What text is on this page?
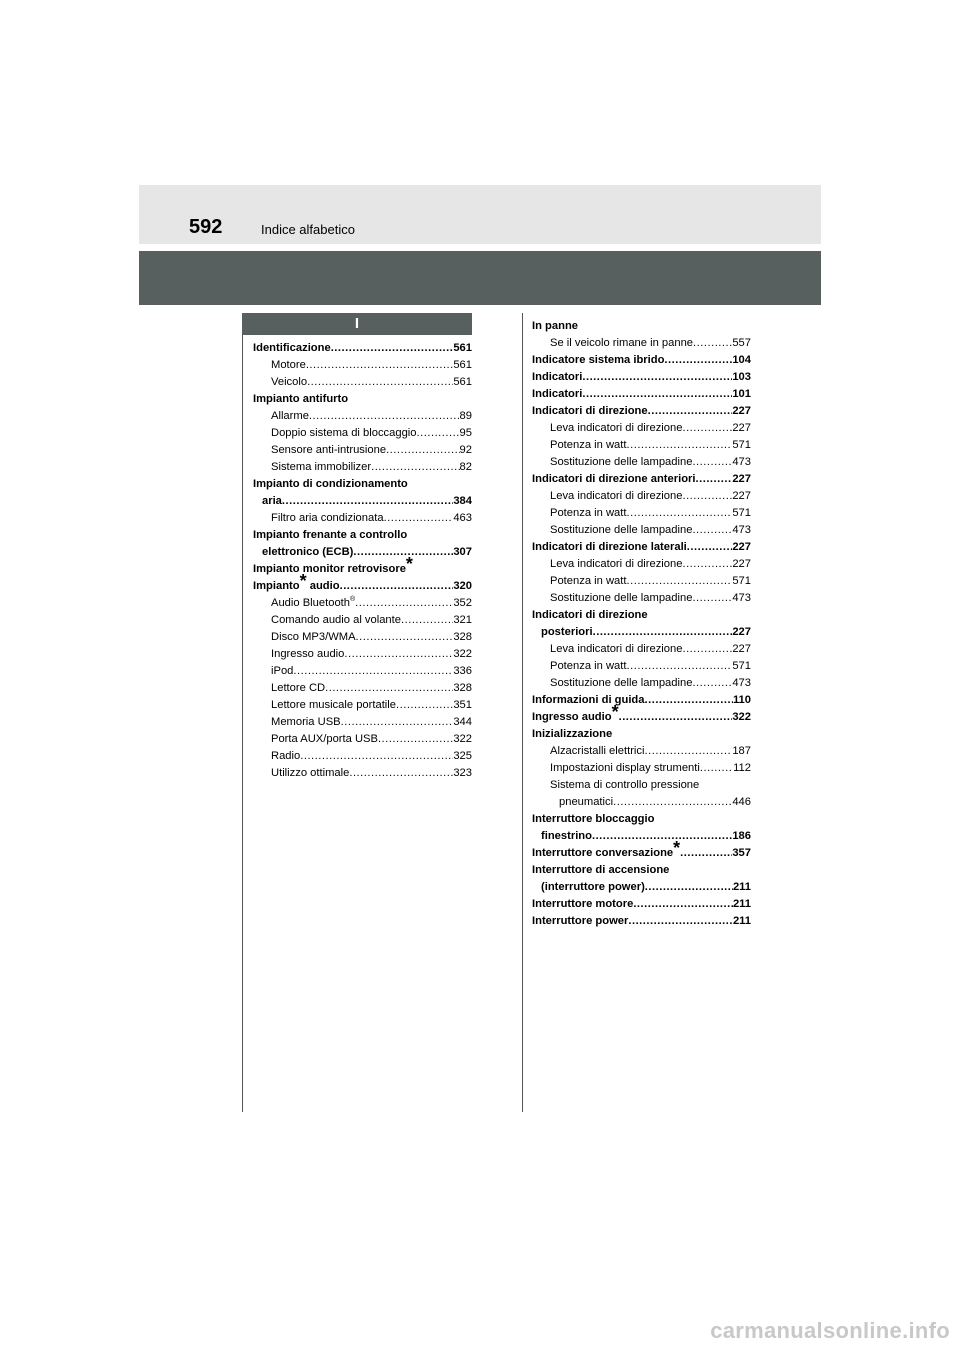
592	Indice alfabetico
I
Identificazione .....	561
Motore .....	561
Veicolo .....	561
Impianto antifurto
Allarme .....	89
Doppio sistema di bloccaggio .....	95
Sensore anti-intrusione .....	92
Sistema immobilizer .....	82
Impianto di condizionamento
aria .....	384
Filtro aria condizionata .....	463
Impianto frenante a controllo
elettronico (ECB) .....	307
Impianto monitor retrovisore*
Impianto* audio .....	320
Audio Bluetooth® .....	352
Comando audio al volante .....	321
Disco MP3/WMA .....	328
Ingresso audio .....	322
iPod .....	336
Lettore CD .....	328
Lettore musicale portatile .....	351
Memoria USB .....	344
Porta AUX/porta USB .....	322
Radio .....	325
Utilizzo ottimale .....	323
In panne
Se il veicolo rimane in panne .....	557
Indicatore sistema ibrido .....	104
Indicatori .....	103
Indicatori .....	101
Indicatori di direzione .....	227
Leva indicatori di direzione .....	227
Potenza in watt .....	571
Sostituzione delle lampadine .....	473
Indicatori di direzione anteriori .....	227
Leva indicatori di direzione .....	227
Potenza in watt .....	571
Sostituzione delle lampadine .....	473
Indicatori di direzione laterali .....	227
Leva indicatori di direzione .....	227
Potenza in watt .....	571
Sostituzione delle lampadine .....	473
Indicatori di direzione
posteriori .....	227
Leva indicatori di direzione .....	227
Potenza in watt .....	571
Sostituzione delle lampadine .....	473
Informazioni di guida .....	110
Ingresso audio* .....	322
Inizializzazione
Alzacristalli elettrici .....	187
Impostazioni display strumenti .....	112
Sistema di controllo pressione
pneumatici .....	446
Interruttore bloccaggio
finestrino .....	186
Interruttore conversazione* .....	357
Interruttore di accensione
(interruttore power) .....	211
Interruttore motore .....	211
Interruttore power .....	211
carmanualsonline.info
